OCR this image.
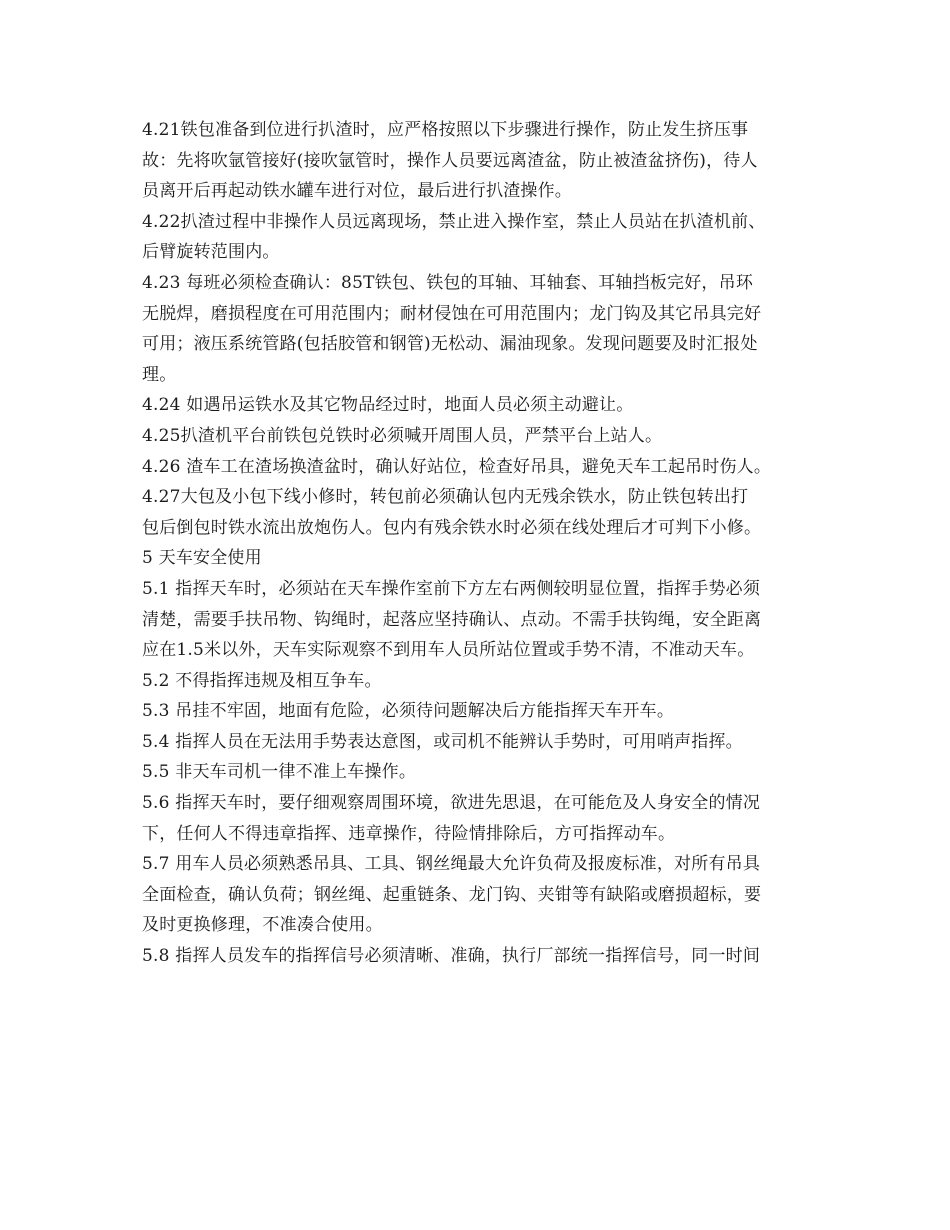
4.21铁包准备到位进行扒渣时，应严格按照以下步骤进行操作，防止发生挤压事
故：先将吹氩管接好(接吹氩管时，操作人员要远离渣盆，防止被渣盆挤伤)，待人
员离开后再起动铁水罐车进行对位，最后进行扒渣操作。
4.22扒渣过程中非操作人员远离现场，禁止进入操作室，禁止人员站在扒渣机前、
后臂旋转范围内。
4.23 每班必须检查确认：85T铁包、铁包的耳轴、耳轴套、耳轴挡板完好，吊环
无脱焊，磨损程度在可用范围内；耐材侵蚀在可用范围内；龙门钩及其它吊具完好
可用；液压系统管路(包括胶管和钢管)无松动、漏油现象。发现问题要及时汇报处
理。
4.24 如遇吊运铁水及其它物品经过时，地面人员必须主动避让。
4.25扒渣机平台前铁包兑铁时必须喊开周围人员，严禁平台上站人。
4.26 渣车工在渣场换渣盆时，确认好站位，检查好吊具，避免天车工起吊时伤人。
4.27大包及小包下线小修时，转包前必须确认包内无残余铁水，防止铁包转出打
包后倒包时铁水流出放炮伤人。包内有残余铁水时必须在线处理后才可判下小修。
5 天车安全使用
5.1 指挥天车时，必须站在天车操作室前下方左右两侧较明显位置，指挥手势必须
清楚，需要手扶吊物、钩绳时，起落应坚持确认、点动。不需手扶钩绳，安全距离
应在1.5米以外，天车实际观察不到用车人员所站位置或手势不清，不准动天车。
5.2 不得指挥违规及相互争车。
5.3 吊挂不牢固，地面有危险，必须待问题解决后方能指挥天车开车。
5.4 指挥人员在无法用手势表达意图，或司机不能辨认手势时，可用哨声指挥。
5.5 非天车司机一律不准上车操作。
5.6 指挥天车时，要仔细观察周围环境，欲进先思退，在可能危及人身安全的情况
下，任何人不得违章指挥、违章操作，待险情排除后，方可指挥动车。
5.7 用车人员必须熟悉吊具、工具、钢丝绳最大允许负荷及报废标准，对所有吊具
全面检查，确认负荷；钢丝绳、起重链条、龙门钩、夹钳等有缺陷或磨损超标，要
及时更换修理，不准凑合使用。
5.8 指挥人员发车的指挥信号必须清晰、准确，执行厂部统一指挥信号，同一时间
